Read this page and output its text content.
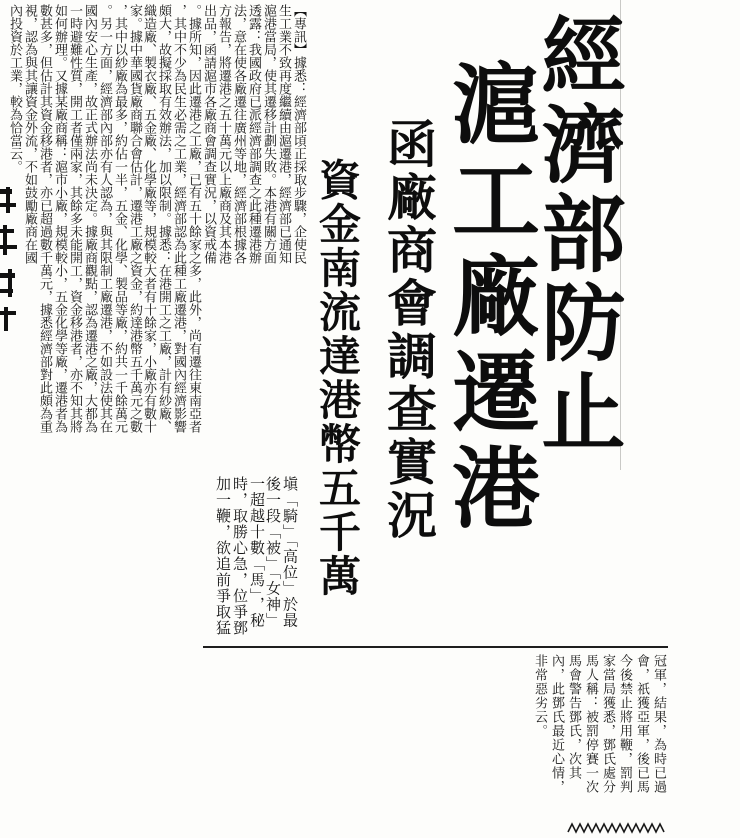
經濟部防止
滬工廠遷港
函廠商會調查實況
資金南流達港幣五千萬
【專訊】據悉：經濟部頃正採取步驟，企使民
生工業不致再度繼續由滬遷港，經濟部已通知
滬港當局，使其遷移計劃失敗。本港有關方面
透露：我國政府已派經濟部調查之此種遷港辦
法，意在使各廠遷往廣州等地，經濟部根據各
方報告，將遷港之五十萬元以上廠商及其本港
出品，函請滬市各廠商會調查實況，以資戒備
。據所知，因此遷港之工廠，已有五十餘家之多，此外，尚有遷往東南亞者
，其中不少為民生必需之工業，經濟部認為此種工廠遷港，對國內經濟影響
頗大，故擬採取有效辦法，加以限制。據悉：在港開工之工廠，計有紗廠、
織造廠、製衣廠、五金廠、化學廠等，規模較大者有十餘家，小廠亦有數十
家。據中華國貨廠商聯合會估計，遷港工廠之資金，約達港幣五千萬元之數
，其中以紗廠為最多，約佔一半，五金、化學、製品等廠，約共一千餘萬元
。另一方面，經濟部內部亦有人認為，與其限制工廠遷港，不如設法使其在
國內安心生產，故正式辦法尚未決定。據廠商觀點，認為遷港之廠，大都為
一時避難性質，開工者僅兩家，其餘多未能開工，資金移港者，亦不知其將
如何辦理。又據某廠商稱：滬市小廠，規模較小，五金化學等廠，遷港者為
數甚多，但估計其資金移港者，亦已超過數千萬元，據悉經濟部對此頗為重
視，認為與其讓資金外流，不如鼓勵廠商在國
內投資於工業，較為恰當云。
塡「騎」「高位」於最
後一段「被」「女神」
一超越十數「馬」，秘
時，取勝心急，位爭鄧
加一鞭，欲追前爭取猛
冠軍，結果，為時已過
會，祇獲亞軍，後已馬
今後禁止將用鞭，罰判
家當局獲悉，鄧氏處分
馬人稱：被罰停賽一次
馬會警告鄧氏，次其
內，此鄧氏最近心情，
非常惡劣云。
